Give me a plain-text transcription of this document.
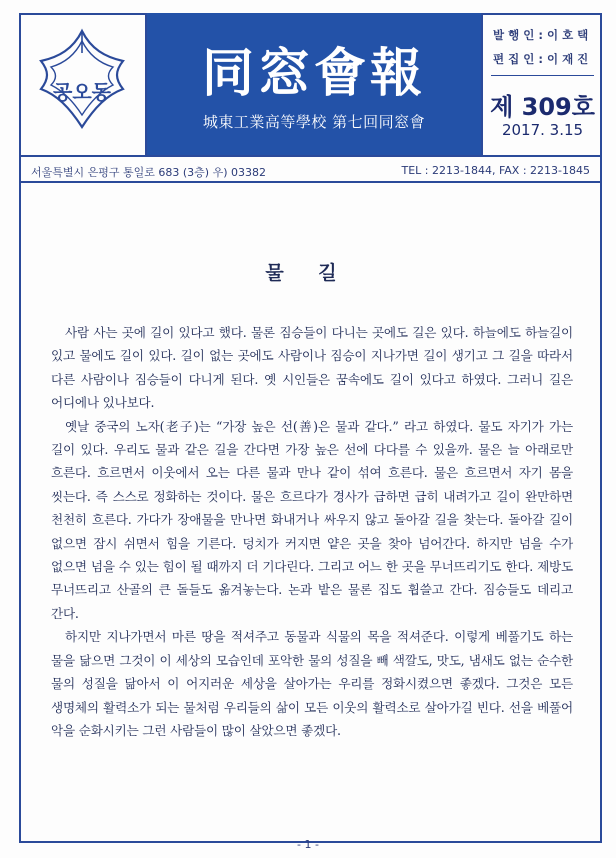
공오동	同窓會報
城東工業高等學校 第七回同窓會
발 행 인 : 이 호 택
편 집 인 : 이 재 진
제 309호
2017. 3.15
서울특별시 은평구 통일로 683 (3층) 우) 03382	TEL : 2213-1844, FAX : 2213-1845
물 길

사람 사는 곳에 길이 있다고 했다. 물론 짐승들이 다니는 곳에도 길은 있다. 하늘에도 하늘길이 있고 물에도 길이 있다. 길이 없는 곳에도 사람이나 짐승이 지나가면 길이 생기고 그 길을 따라서 다른 사람이나 짐승들이 다니게 된다. 옛 시인들은 꿈속에도 길이 있다고 하였다. 그러니 길은 어디에나 있나보다.

옛날 중국의 노자(老子)는 “가장 높은 선(善)은 물과 같다.” 라고 하였다. 물도 자기가 가는 길이 있다. 우리도 물과 같은 길을 간다면 가장 높은 선에 다다를 수 있을까. 물은 늘 아래로만 흐른다. 흐르면서 이웃에서 오는 다른 물과 만나 같이 섞여 흐른다. 물은 흐르면서 자기 몸을 씻는다. 즉 스스로 정화하는 것이다. 물은 흐르다가 경사가 급하면 급히 내려가고 길이 완만하면 천천히 흐른다. 가다가 장애물을 만나면 화내거나 싸우지 않고 돌아갈 길을 찾는다. 돌아갈 길이 없으면 잠시 쉬면서 힘을 기른다. 덩치가 커지면 얕은 곳을 찾아 넘어간다. 하지만 넘을 수가 없으면 넘을 수 있는 힘이 될 때까지 더 기다린다. 그리고 어느 한 곳을 무너뜨리기도 한다. 제방도 무너뜨리고 산골의 큰 돌들도 옮겨놓는다. 논과 밭은 물론 집도 휩쓸고 간다. 짐승들도 데리고 간다.

하지만 지나가면서 마른 땅을 적셔주고 동물과 식물의 목을 적셔준다. 이렇게 베풀기도 하는 물을 닮으면 그것이 이 세상의 모습인데 포악한 물의 성질을 빼 색깔도, 맛도, 냄새도 없는 순수한 물의 성질을 닮아서 이 어지러운 세상을 살아가는 우리를 정화시켰으면 좋겠다. 그것은 모든 생명체의 활력소가 되는 물처럼 우리들의 삶이 모든 이웃의 활력소로 살아가길 빈다. 선을 베풀어 악을 순화시키는 그런 사람들이 많이 살았으면 좋겠다.

- 1 -
